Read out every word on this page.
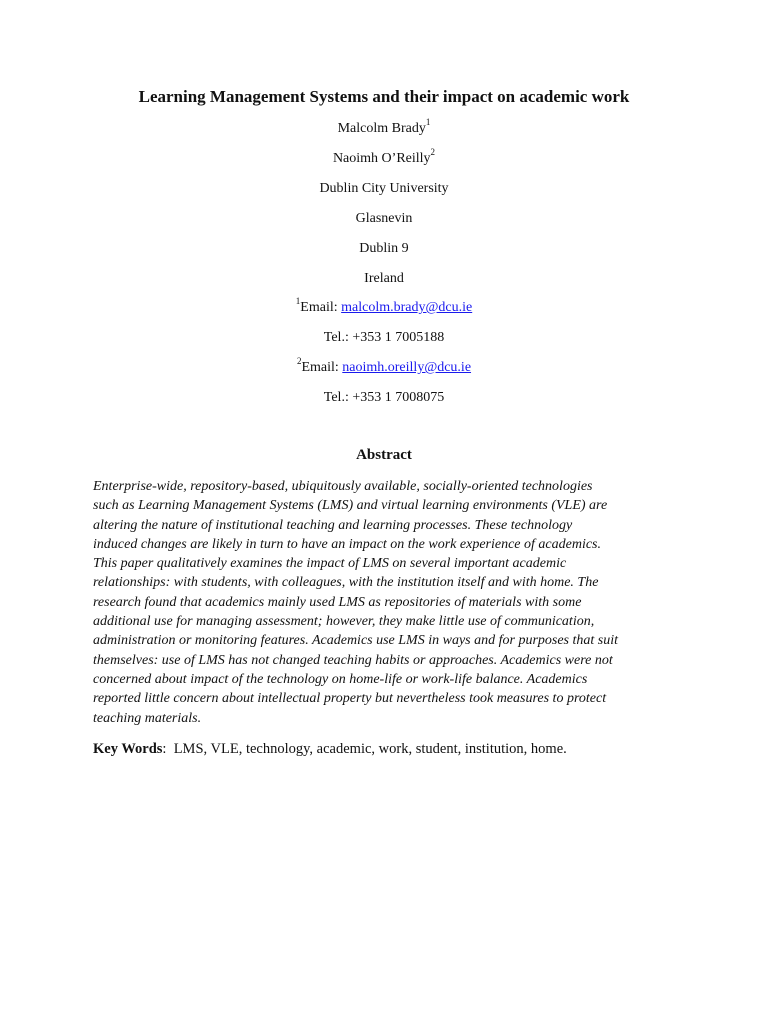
Learning Management Systems and their impact on academic work
Malcolm Brady$^1$
Naoimh O’Reilly$^2$
Dublin City University
Glasnevin
Dublin 9
Ireland
$^1$Email: malcolm.brady@dcu.ie
Tel.: +353 1 7005188
$^2$Email: naoimh.oreilly@dcu.ie
Tel.: +353 1 7008075
Abstract
Enterprise-wide, repository-based, ubiquitously available, socially-oriented technologies
such as Learning Management Systems (LMS) and virtual learning environments (VLE) are
altering the nature of institutional teaching and learning processes. These technology
induced changes are likely in turn to have an impact on the work experience of academics.
This paper qualitatively examines the impact of LMS on several important academic
relationships: with students, with colleagues, with the institution itself and with home. The
research found that academics mainly used LMS as repositories of materials with some
additional use for managing assessment; however, they make little use of communication,
administration or monitoring features. Academics use LMS in ways and for purposes that suit
themselves: use of LMS has not changed teaching habits or approaches. Academics were not
concerned about impact of the technology on home-life or work-life balance. Academics
reported little concern about intellectual property but nevertheless took measures to protect
teaching materials.
Key Words:  LMS, VLE, technology, academic, work, student, institution, home.
